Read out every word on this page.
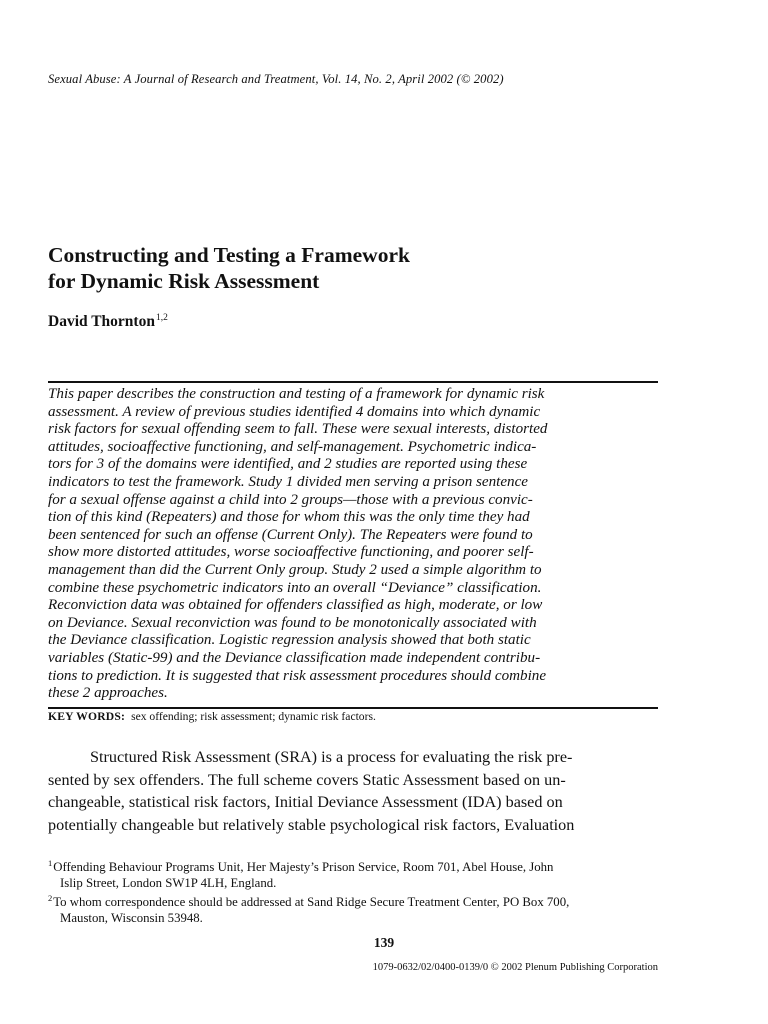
Sexual Abuse: A Journal of Research and Treatment, Vol. 14, No. 2, April 2002 (© 2002)
Constructing and Testing a Framework
for Dynamic Risk Assessment
David Thornton$^{1,2}$
This paper describes the construction and testing of a framework for dynamic risk
assessment. A review of previous studies identified 4 domains into which dynamic
risk factors for sexual offending seem to fall. These were sexual interests, distorted
attitudes, socioaffective functioning, and self-management. Psychometric indica-
tors for 3 of the domains were identified, and 2 studies are reported using these
indicators to test the framework. Study 1 divided men serving a prison sentence
for a sexual offense against a child into 2 groups—those with a previous convic-
tion of this kind (Repeaters) and those for whom this was the only time they had
been sentenced for such an offense (Current Only). The Repeaters were found to
show more distorted attitudes, worse socioaffective functioning, and poorer self-
management than did the Current Only group. Study 2 used a simple algorithm to
combine these psychometric indicators into an overall “Deviance” classification.
Reconviction data was obtained for offenders classified as high, moderate, or low
on Deviance. Sexual reconviction was found to be monotonically associated with
the Deviance classification. Logistic regression analysis showed that both static
variables (Static-99) and the Deviance classification made independent contribu-
tions to prediction. It is suggested that risk assessment procedures should combine
these 2 approaches.
KEY WORDS: sex offending; risk assessment; dynamic risk factors.
Structured Risk Assessment (SRA) is a process for evaluating the risk pre-
sented by sex offenders. The full scheme covers Static Assessment based on un-
changeable, statistical risk factors, Initial Deviance Assessment (IDA) based on
potentially changeable but relatively stable psychological risk factors, Evaluation
$^1$Offending Behaviour Programs Unit, Her Majesty’s Prison Service, Room 701, Abel House, John
Islip Street, London SW1P 4LH, England.
$^2$To whom correspondence should be addressed at Sand Ridge Secure Treatment Center, PO Box 700,
Mauston, Wisconsin 53948.
139
1079-0632/02/0400-0139/0 © 2002 Plenum Publishing Corporation
